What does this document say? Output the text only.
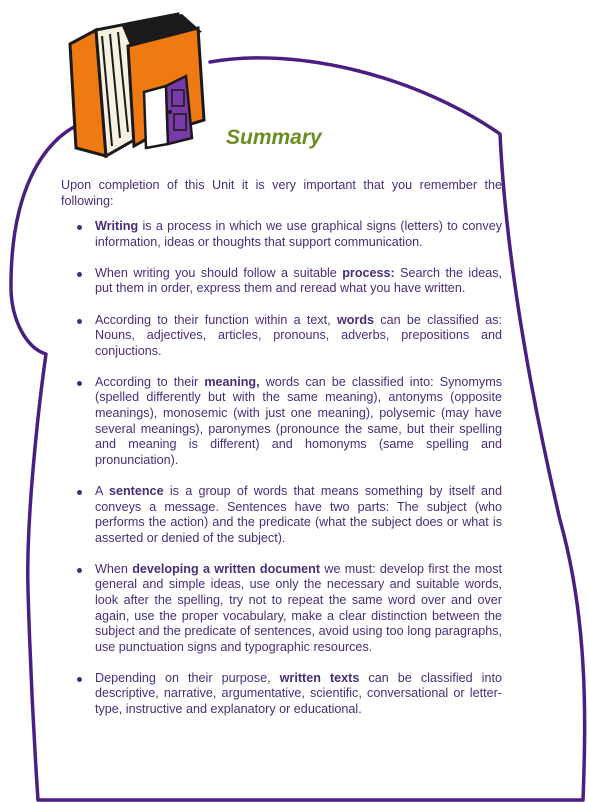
Summary

Upon completion of this Unit it is very important that you remember the following:

Writing is a process in which we use graphical signs (letters) to convey information, ideas or thoughts that support communication.
When writing you should follow a suitable process: Search the ideas, put them in order, express them and reread what you have written.
According to their function within a text, words can be classified as: Nouns, adjectives, articles, pronouns, adverbs, prepositions and conjuctions.
According to their meaning, words can be classified into: Synomyms (spelled differently but with the same meaning), antonyms (opposite meanings), monosemic (with just one meaning), polysemic (may have several meanings), paronymes (pronounce the same, but their spelling and meaning is different) and homonyms (same spelling and pronunciation).
A sentence is a group of words that means something by itself and conveys a message. Sentences have two parts: The subject (who performs the action) and the predicate (what the subject does or what is asserted or denied of the subject).
When developing a written document we must: develop first the most general and simple ideas, use only the necessary and suitable words, look after the spelling, try not to repeat the same word over and over again, use the proper vocabulary, make a clear distinction between the subject and the predicate of sentences, avoid using too long paragraphs, use punctuation signs and typographic resources.
Depending on their purpose, written texts can be classified into descriptive, narrative, argumentative, scientific, conversational or letter-type, instructive and explanatory or educational.
